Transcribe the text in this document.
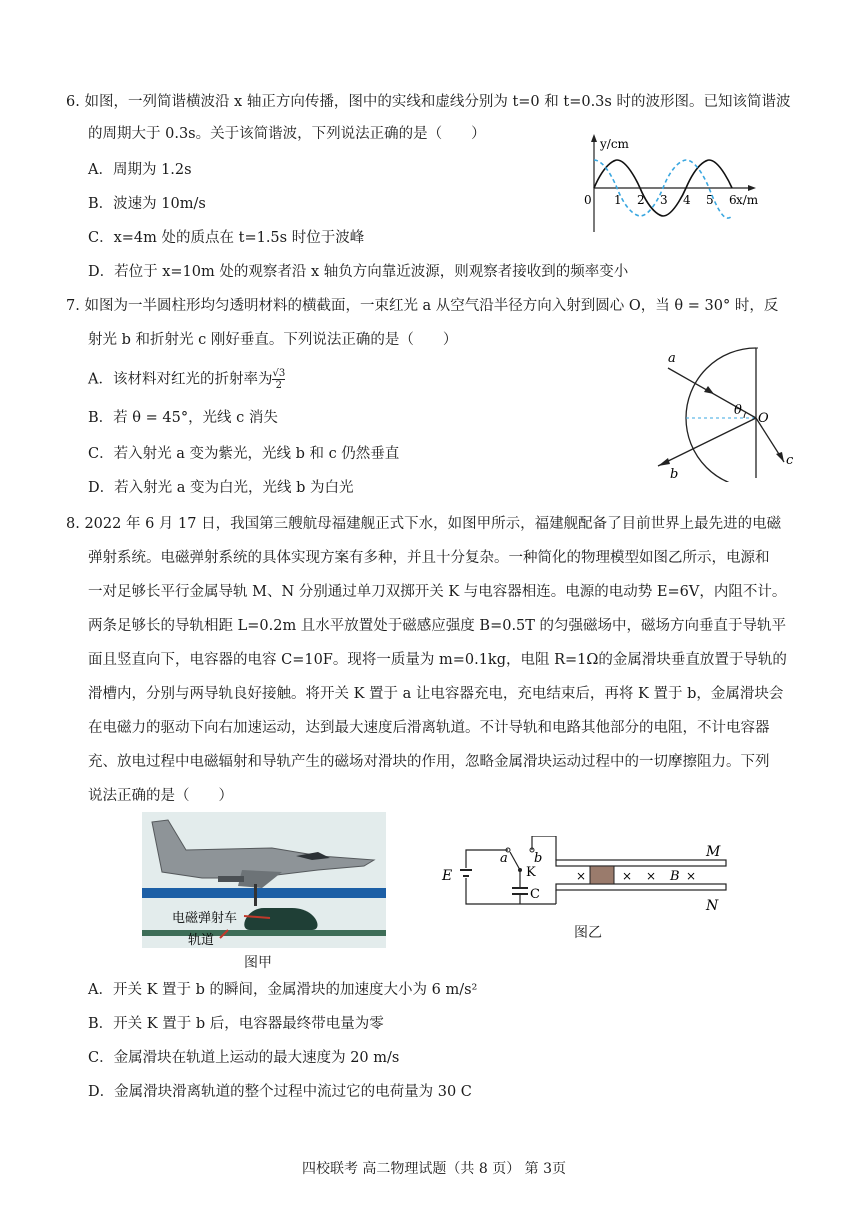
6. 如图，一列简谐横波沿 x 轴正方向传播，图中的实线和虚线分别为 t=0 和 t=0.3s 时的波形图。已知该简谐波
的周期大于 0.3s。关于该简谐波，下列说法正确的是（　　）
A．周期为 1.2s
B．波速为 10m/s
C．x=4m 处的质点在 t=1.5s 时位于波峰
D．若位于 x=10m 处的观察者沿 x 轴负方向靠近波源，则观察者接收到的频率变小
y/cm
x/m
0 1 2 3 4 5 6
7. 如图为一半圆柱形均匀透明材料的横截面，一束红光 a 从空气沿半径方向入射到圆心 O，当 θ = 30° 时，反
射光 b 和折射光 c 刚好垂直。下列说法正确的是（　　）
A．该材料对红光的折射率为 $\frac{√3}{2}$
B．若 θ = 45°，光线 c 消失
C．若入射光 a 变为紫光，光线 b 和 c 仍然垂直
D．若入射光 a 变为白光，光线 b 为白光
a
b
c
θ
O
8. 2022 年 6 月 17 日，我国第三艘航母福建舰正式下水，如图甲所示，福建舰配备了目前世界上最先进的电磁
弹射系统。电磁弹射系统的具体实现方案有多种，并且十分复杂。一种简化的物理模型如图乙所示，电源和
一对足够长平行金属导轨 M、N 分别通过单刀双掷开关 K 与电容器相连。电源的电动势 E=6V，内阻不计。
两条足够长的导轨相距 L=0.2m 且水平放置处于磁感应强度 B=0.5T 的匀强磁场中，磁场方向垂直于导轨平
面且竖直向下，电容器的电容 C=10F。现将一质量为 m=0.1kg，电阻 R=1Ω的金属滑块垂直放置于导轨的
滑槽内，分别与两导轨良好接触。将开关 K 置于 a 让电容器充电，充电结束后，再将 K 置于 b，金属滑块会
在电磁力的驱动下向右加速运动，达到最大速度后滑离轨道。不计导轨和电路其他部分的电阻，不计电容器
充、放电过程中电磁辐射和导轨产生的磁场对滑块的作用，忽略金属滑块运动过程中的一切摩擦阻力。下列
说法正确的是（　　）
电磁弹射车
轨道
图甲
×	× × ×
E
a b
K
C
M
N
B
图乙
A．开关 K 置于 b 的瞬间，金属滑块的加速度大小为 6 m/s²
B．开关 K 置于 b 后，电容器最终带电量为零
C．金属滑块在轨道上运动的最大速度为 20 m/s
D．金属滑块滑离轨道的整个过程中流过它的电荷量为 30 C
四校联考 高二物理试题（共 8 页） 第 3页
